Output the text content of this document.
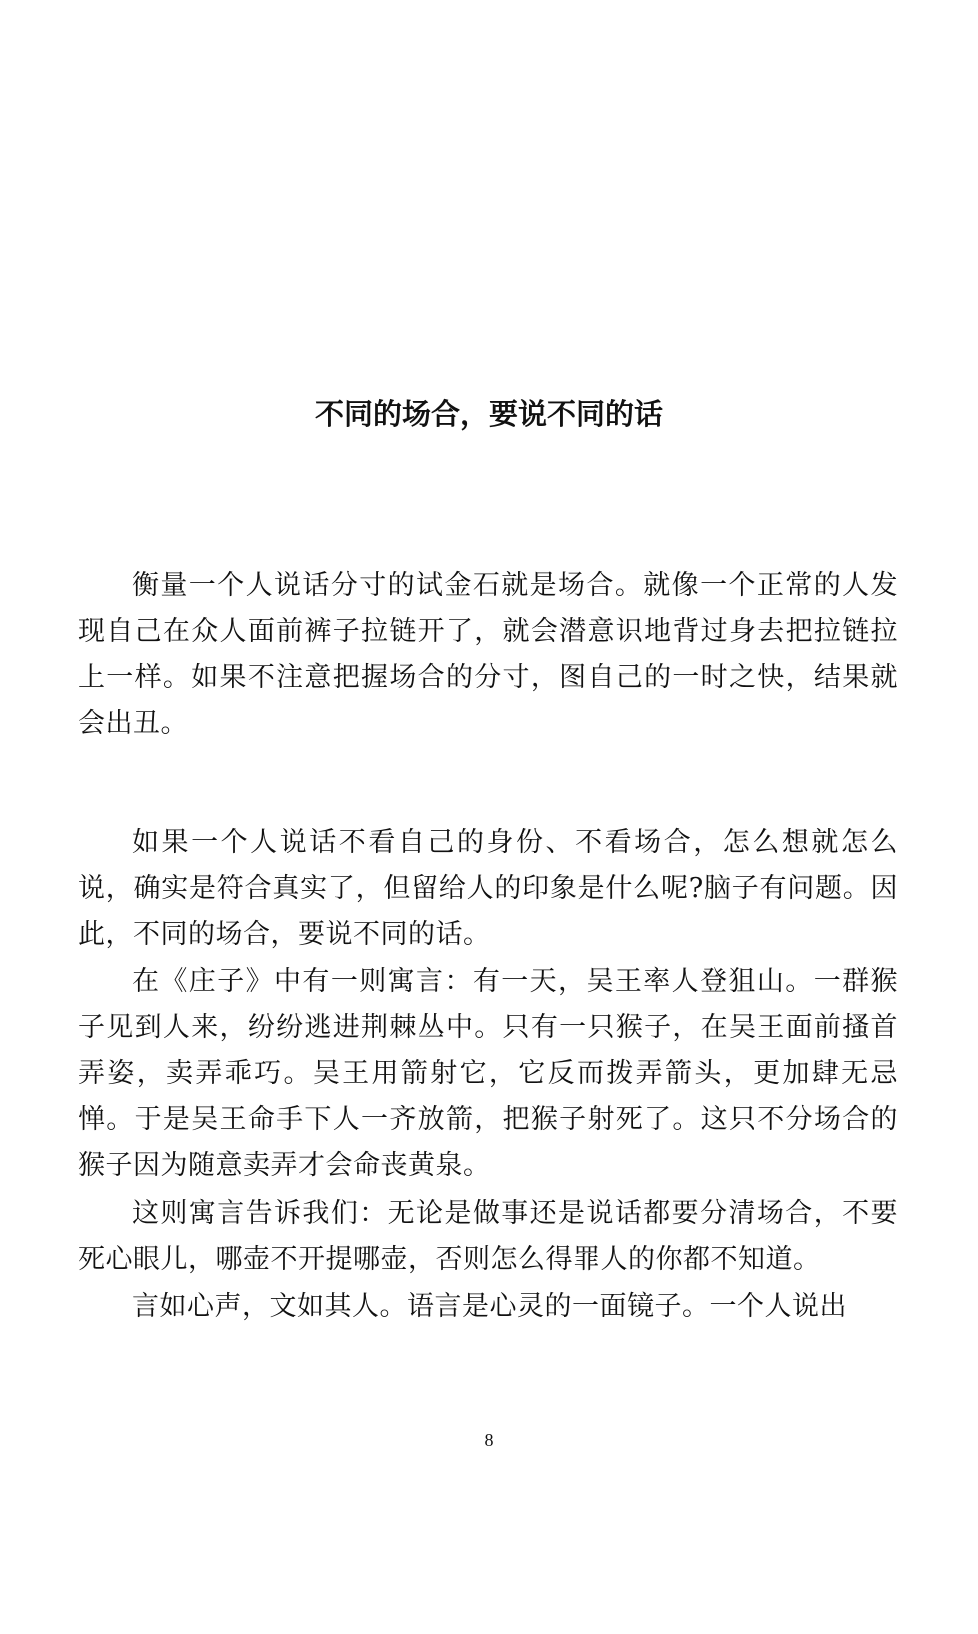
不同的场合，要说不同的话

衡量一个人说话分寸的试金石就是场合。就像一个正常的人发现自己在众人面前裤子拉链开了，就会潜意识地背过身去把拉链拉上一样。如果不注意把握场合的分寸，图自己的一时之快，结果就会出丑。

如果一个人说话不看自己的身份、不看场合，怎么想就怎么说，确实是符合真实了，但留给人的印象是什么呢?脑子有问题。因此，不同的场合，要说不同的话。

在《庄子》中有一则寓言：有一天，吴王率人登狙山。一群猴子见到人来，纷纷逃进荆棘丛中。只有一只猴子，在吴王面前搔首弄姿，卖弄乖巧。吴王用箭射它，它反而拨弄箭头，更加肆无忌惮。于是吴王命手下人一齐放箭，把猴子射死了。这只不分场合的猴子因为随意卖弄才会命丧黄泉。

这则寓言告诉我们：无论是做事还是说话都要分清场合，不要死心眼儿，哪壶不开提哪壶，否则怎么得罪人的你都不知道。

言如心声，文如其人。语言是心灵的一面镜子。一个人说出

8
